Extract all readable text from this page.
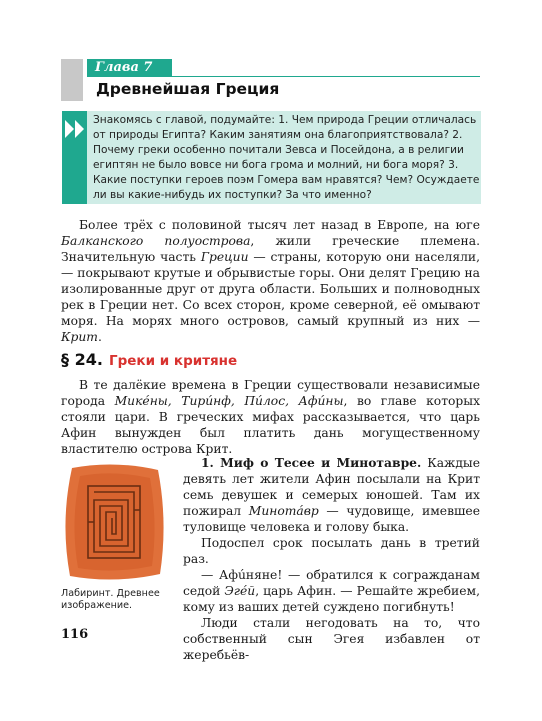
Глава 7
Древнейшая Греция
Знакомясь с главой, подумайте: 1. Чем природа Греции отличалась от природы Египта? Каким занятиям она благоприятствовала? 2. Почему греки особенно почитали Зевса и Посейдона, а в религии египтян не было вовсе ни бога грома и молний, ни бога моря? 3. Какие поступки героев поэм Гомера вам нравятся? Чем? Осуждаете ли вы какие-нибудь их поступки? За что именно?
Более трёх с половиной тысяч лет назад в Европе, на юге Балканского полуострова, жили греческие племена. Значительную часть Греции — страны, которую они населяли, — покрывают крутые и обрывистые горы. Они делят Грецию на изолированные друг от друга области. Больших и полноводных рек в Греции нет. Со всех сторон, кроме северной, её омывают моря. На морях много островов, самый крупный из них — Крит.
§ 24. Греки и критяне
В те далёкие времена в Греции существовали независимые города Микéны, Тирúнф, Пúлос, Афúны, во главе которых стояли цари. В греческих мифах рассказывается, что царь Афин вынужден был платить дань могущественному властителю острова Крит.
Лабиринт. Древнее изображение.
1. Миф о Тесее и Минотавре. Каждые девять лет жители Афин посылали на Крит семь девушек и семерых юношей. Там их пожирал Минотáвр — чудовище, имевшее туловище человека и голову быка.
Подоспел срок посылать дань в третий раз.
— Афúняне! — обратился к согражданам седой Эгéй, царь Афин. — Решайте жребием, кому из ваших детей суждено погибнуть!
Люди стали негодовать на то, что собственный сын Эгея избавлен от жеребьёв-
116
